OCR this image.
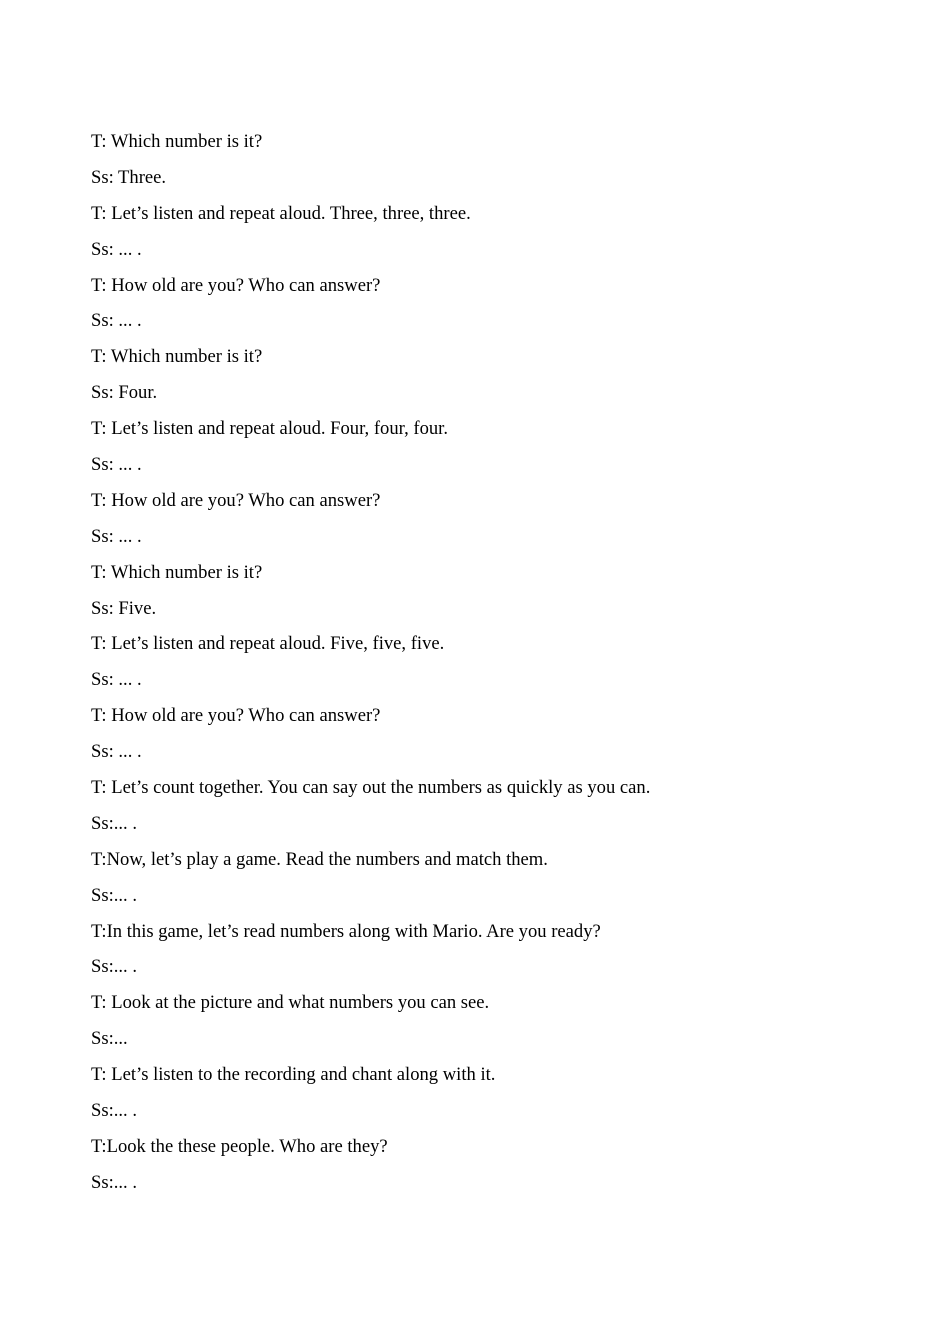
T: Which number is it?
Ss: Three.
T: Let’s listen and repeat aloud. Three, three, three.
Ss: ... .
T: How old are you? Who can answer?
Ss: ... .
T: Which number is it?
Ss: Four.
T: Let’s listen and repeat aloud. Four, four, four.
Ss: ... .
T: How old are you? Who can answer?
Ss: ... .
T: Which number is it?
Ss: Five.
T: Let’s listen and repeat aloud. Five, five, five.
Ss: ... .
T: How old are you? Who can answer?
Ss: ... .
T: Let’s count together. You can say out the numbers as quickly as you can.
Ss:... .
T:Now, let’s play a game. Read the numbers and match them.
Ss:... .
T:In this game, let’s read numbers along with Mario. Are you ready?
Ss:... .
T: Look at the picture and what numbers you can see.
Ss:...
T: Let’s listen to the recording and chant along with it.
Ss:... .
T:Look the these people. Who are they?
Ss:... .
